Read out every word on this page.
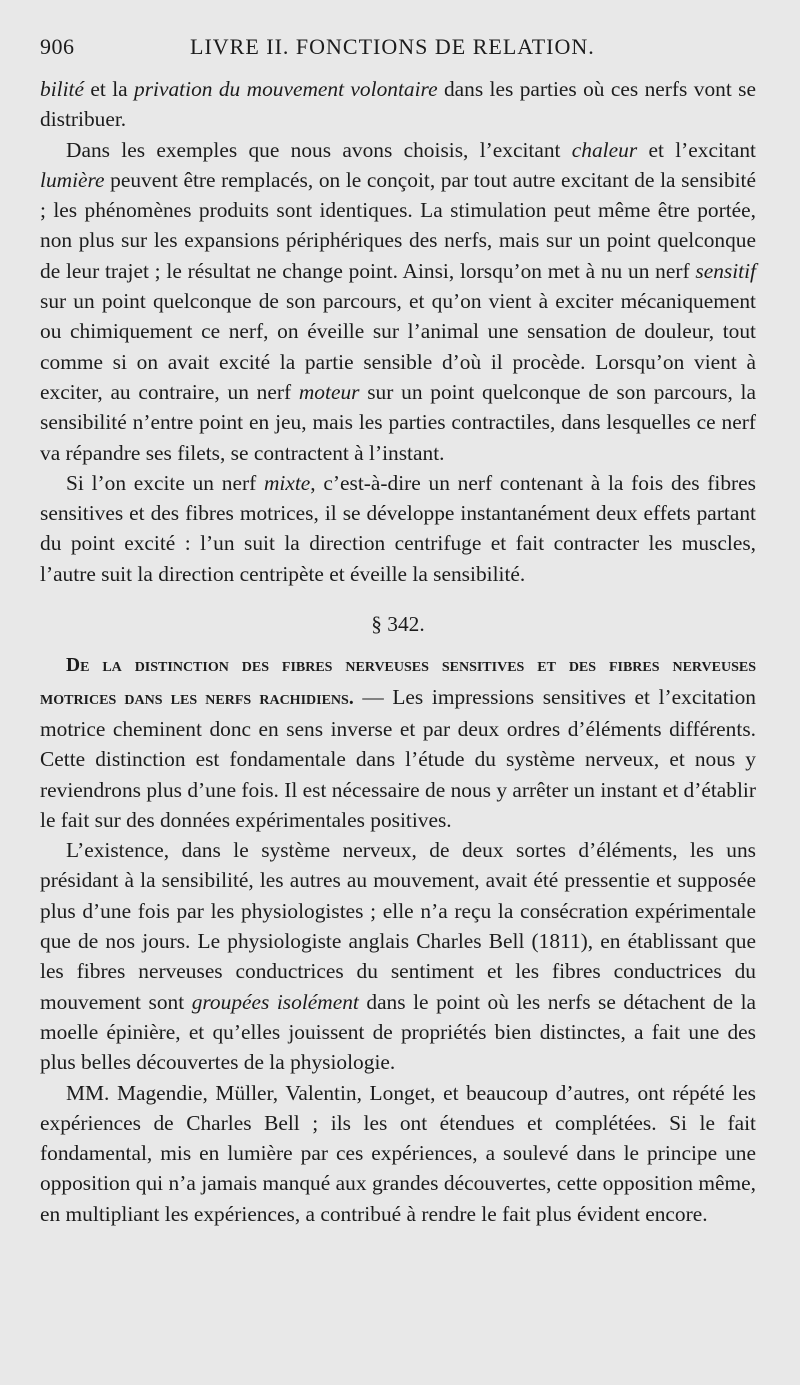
906	LIVRE II. FONCTIONS DE RELATION.

bilité et la privation du mouvement volontaire dans les parties où ces nerfs vont se distribuer.

Dans les exemples que nous avons choisis, l’excitant chaleur et l’excitant lumière peuvent être remplacés, on le conçoit, par tout autre excitant de la sensibité ; les phénomènes produits sont identiques. La stimulation peut même être portée, non plus sur les expansions périphériques des nerfs, mais sur un point quelconque de leur trajet ; le résultat ne change point. Ainsi, lorsqu’on met à nu un nerf sensitif sur un point quelconque de son parcours, et qu’on vient à exciter mécaniquement ou chimiquement ce nerf, on éveille sur l’animal une sensation de douleur, tout comme si on avait excité la partie sensible d’où il procède. Lorsqu’on vient à exciter, au contraire, un nerf moteur sur un point quelconque de son parcours, la sensibilité n’entre point en jeu, mais les parties contractiles, dans lesquelles ce nerf va répandre ses filets, se contractent à l’instant.

Si l’on excite un nerf mixte, c’est-à-dire un nerf contenant à la fois des fibres sensitives et des fibres motrices, il se développe instantanément deux effets partant du point excité : l’un suit la direction centrifuge et fait contracter les muscles, l’autre suit la direction centripète et éveille la sensibilité.

§ 342.

De la distinction des fibres nerveuses sensitives et des fibres nerveuses motrices dans les nerfs rachidiens. — Les impressions sensitives et l’excitation motrice cheminent donc en sens inverse et par deux ordres d’éléments différents. Cette distinction est fondamentale dans l’étude du système nerveux, et nous y reviendrons plus d’une fois. Il est nécessaire de nous y arrêter un instant et d’établir le fait sur des données expérimentales positives.

L’existence, dans le système nerveux, de deux sortes d’éléments, les uns présidant à la sensibilité, les autres au mouvement, avait été pressentie et supposée plus d’une fois par les physiologistes ; elle n’a reçu la consécration expérimentale que de nos jours. Le physiologiste anglais Charles Bell (1811), en établissant que les fibres nerveuses conductrices du sentiment et les fibres conductrices du mouvement sont groupées isolément dans le point où les nerfs se détachent de la moelle épinière, et qu’elles jouissent de propriétés bien distinctes, a fait une des plus belles découvertes de la physiologie.

MM. Magendie, Müller, Valentin, Longet, et beaucoup d’autres, ont répété les expériences de Charles Bell ; ils les ont étendues et complétées. Si le fait fondamental, mis en lumière par ces expériences, a soulevé dans le principe une opposition qui n’a jamais manqué aux grandes découvertes, cette opposition même, en multipliant les expériences, a contribué à rendre le fait plus évident encore.
